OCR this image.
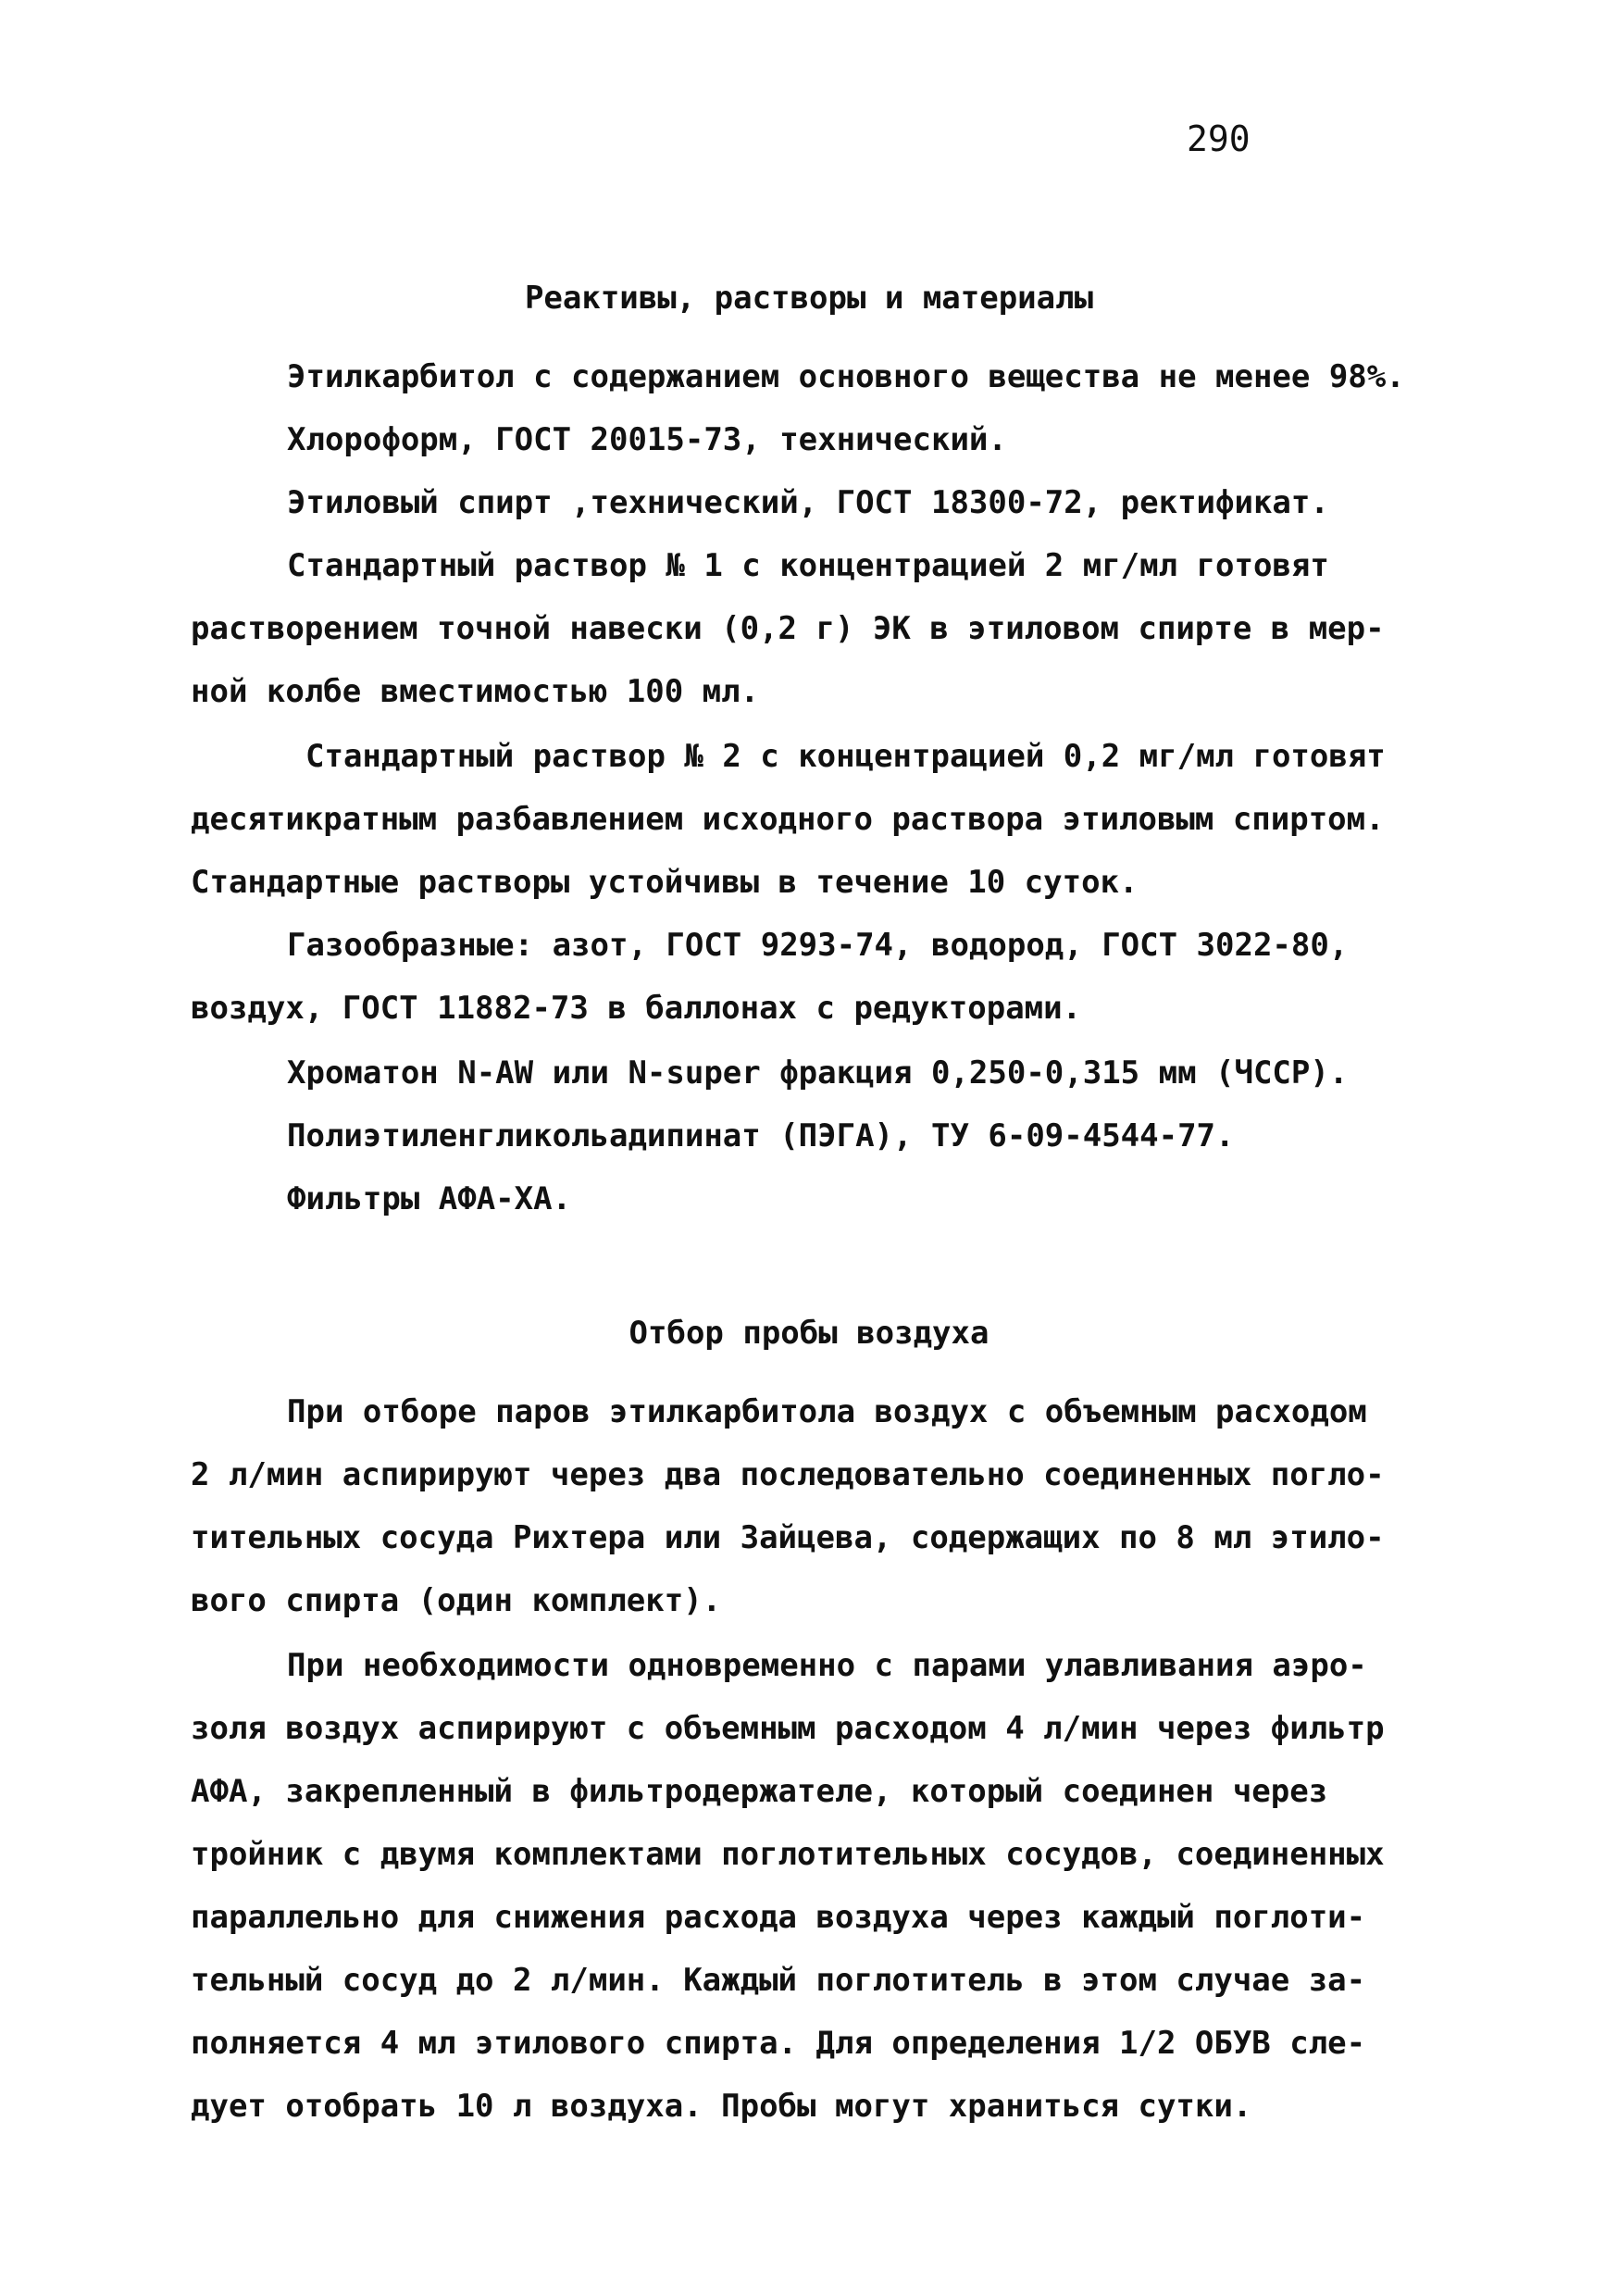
290
Реактивы, растворы и материалы
Этилкарбитол с содержанием основного вещества не менее 98%.
Хлороформ, ГОСТ 20015-73, технический.
Этиловый спирт ,технический, ГОСТ 18300-72, ректификат.
Стандартный раствор № 1 с концентрацией 2 мг/мл готовят
растворением точной навески (0,2 г) ЭК в этиловом спирте в мер-
ной колбе вместимостью 100 мл.
Стандартный раствор № 2 с концентрацией 0,2 мг/мл готовят
десятикратным разбавлением исходного раствора этиловым спиртом.
Стандартные растворы устойчивы в течение 10 суток.
Газообразные: азот, ГОСТ 9293-74, водород, ГОСТ 3022-80,
воздух, ГОСТ 11882-73 в баллонах с редукторами.
Хроматон N-AW или N-super фракция 0,250-0,315 мм (ЧССР).
Полиэтиленгликольадипинат (ПЭГА), ТУ 6-09-4544-77.
Фильтры АФА-ХА.
Отбор пробы воздуха
При отборе паров этилкарбитола воздух с объемным расходом
2 л/мин аспирируют через два последовательно соединенных погло-
тительных сосуда Рихтера или Зайцева, содержащих по 8 мл этило-
вого спирта (один комплект).
При необходимости одновременно с парами улавливания аэро-
золя воздух аспирируют с объемным расходом 4 л/мин через фильтр
АФА, закрепленный в фильтродержателе, который соединен через
тройник с двумя комплектами поглотительных сосудов, соединенных
параллельно для снижения расхода воздуха через каждый поглоти-
тельный сосуд до 2 л/мин. Каждый поглотитель в этом случае за-
полняется 4 мл этилового спирта. Для определения 1/2 ОБУВ сле-
дует отобрать 10 л воздуха. Пробы могут храниться сутки.
